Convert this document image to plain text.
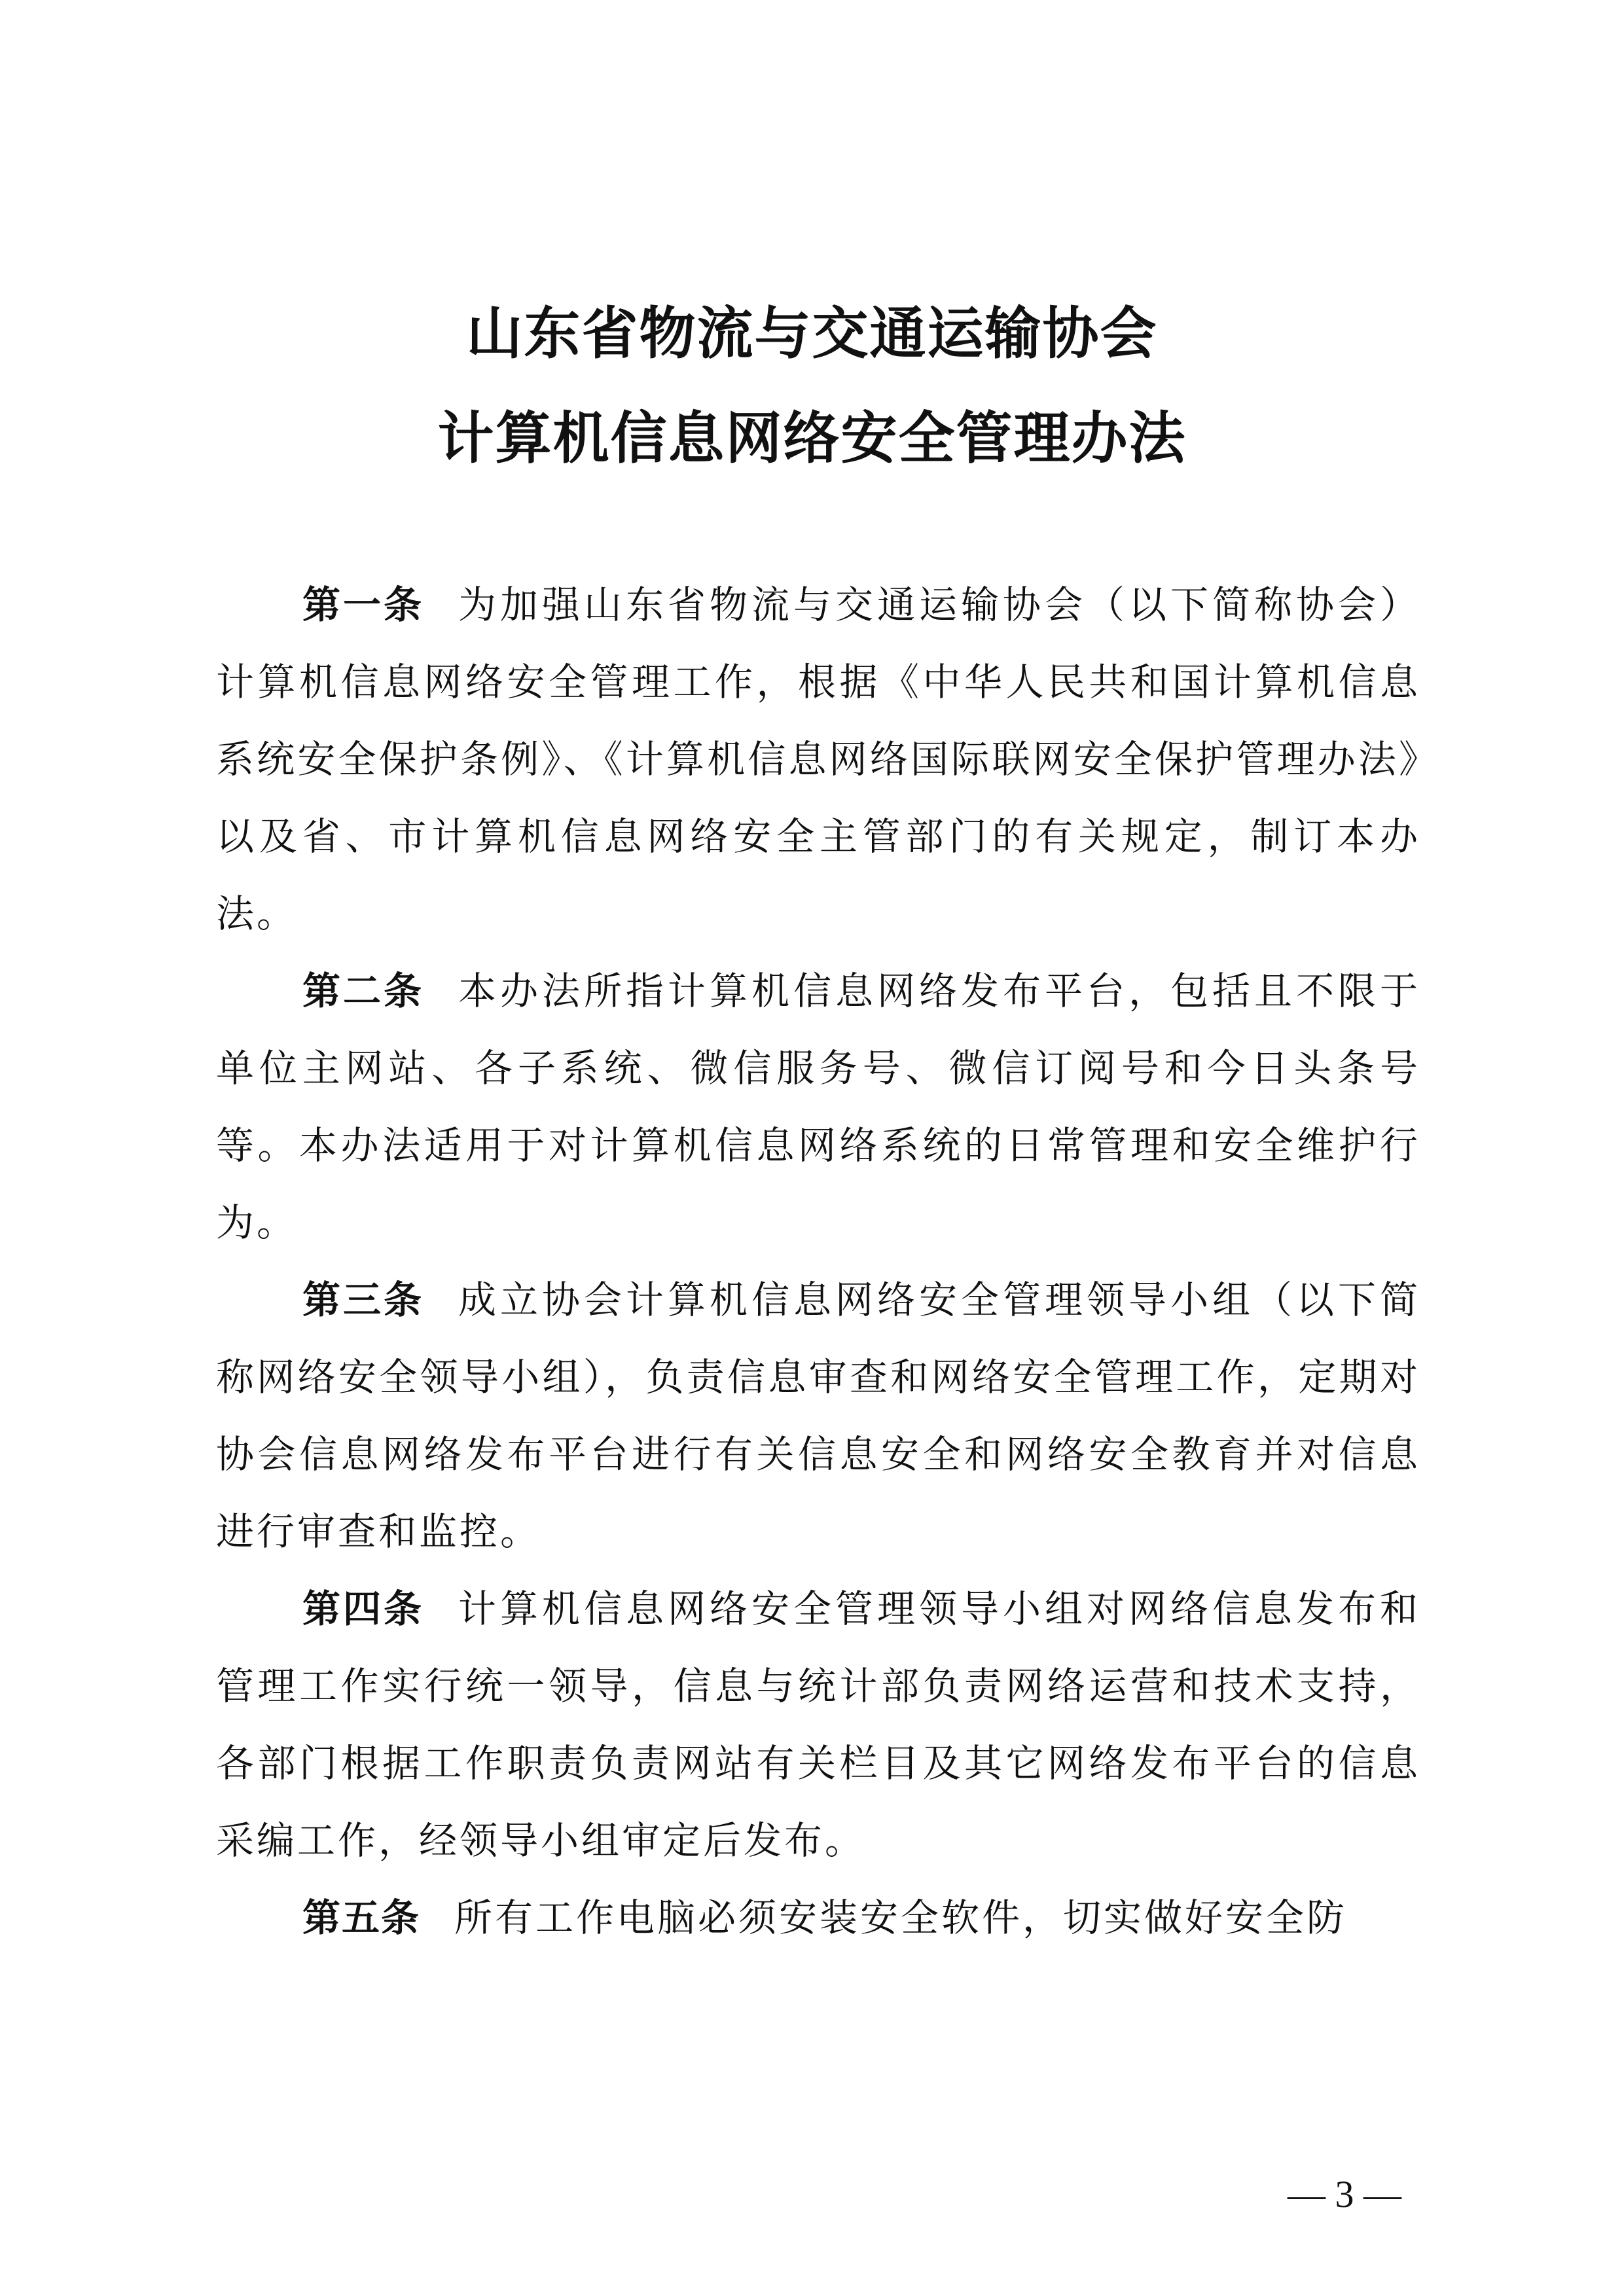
山东省物流与交通运输协会
计算机信息网络安全管理办法

第一条 为加强山东省物流与交通运输协会（以下简称协会）计算机信息网络安全管理工作，根据《中华人民共和国计算机信息系统安全保护条例》、《计算机信息网络国际联网安全保护管理办法》以及省、市计算机信息网络安全主管部门的有关规定，制订本办法。

第二条 本办法所指计算机信息网络发布平台，包括且不限于单位主网站、各子系统、微信服务号、微信订阅号和今日头条号等。本办法适用于对计算机信息网络系统的日常管理和安全维护行为。

第三条 成立协会计算机信息网络安全管理领导小组（以下简称网络安全领导小组），负责信息审查和网络安全管理工作，定期对协会信息网络发布平台进行有关信息安全和网络安全教育并对信息进行审查和监控。

第四条 计算机信息网络安全管理领导小组对网络信息发布和管理工作实行统一领导，信息与统计部负责网络运营和技术支持，各部门根据工作职责负责网站有关栏目及其它网络发布平台的信息采编工作，经领导小组审定后发布。

第五条 所有工作电脑必须安装安全软件，切实做好安全防

— 3 —
